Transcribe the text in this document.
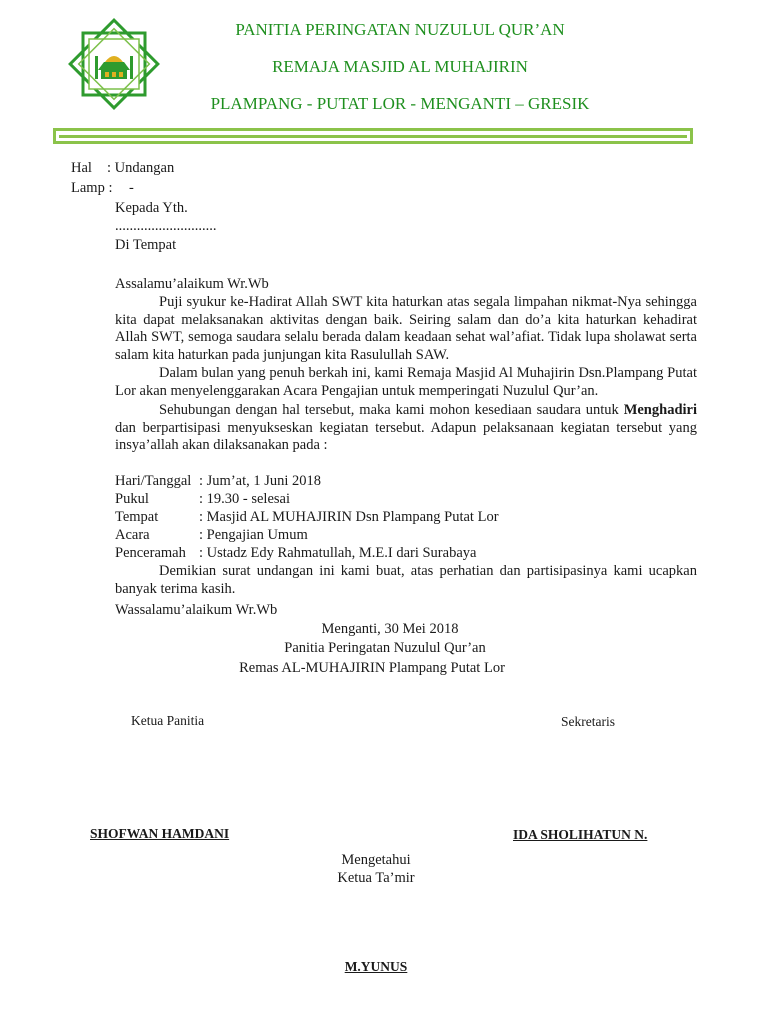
PANITIA PERINGATAN NUZULUL QUR’AN
REMAJA MASJID AL MUHAJIRIN
PLAMPANG - PUTAT LOR - MENGANTI – GRESIK
Hal : Undangan
Lamp : -
Kepada Yth.
............................
Di Tempat
Assalamu’alaikum Wr.Wb
Puji syukur ke-Hadirat Allah SWT kita haturkan atas segala limpahan nikmat-Nya sehingga kita dapat melaksanakan aktivitas dengan baik. Seiring salam dan do’a kita haturkan kehadirat Allah SWT, semoga saudara selalu berada dalam keadaan sehat wal’afiat. Tidak lupa sholawat serta salam kita haturkan pada junjungan kita Rasulullah SAW.
Dalam bulan yang penuh berkah ini, kami Remaja Masjid Al Muhajirin Dsn.Plampang Putat Lor akan menyelenggarakan Acara Pengajian untuk memperingati Nuzulul Qur’an.
Sehubungan dengan hal tersebut, maka kami mohon kesediaan saudara untuk Menghadiri dan berpartisipasi menyukseskan kegiatan tersebut. Adapun pelaksanaan kegiatan tersebut yang insya’allah akan dilaksanakan pada :
Hari/Tanggal : Jum’at, 1 Juni 2018
Pukul	: 19.30 - selesai
Tempat	: Masjid AL MUHAJIRIN Dsn Plampang Putat Lor
Acara	: Pengajian Umum
Penceramah : Ustadz Edy Rahmatullah, M.E.I dari Surabaya
Demikian surat undangan ini kami buat, atas perhatian dan partisipasinya kami ucapkan banyak terima kasih.
Wassalamu’alaikum Wr.Wb
Menganti, 30 Mei 2018
Panitia Peringatan Nuzulul Qur’an
Remas AL-MUHAJIRIN Plampang Putat Lor
Ketua Panitia	Sekretaris
SHOFWAN HAMDANI	IDA SHOLIHATUN N.
Mengetahui
Ketua Ta’mir
M.YUNUS
